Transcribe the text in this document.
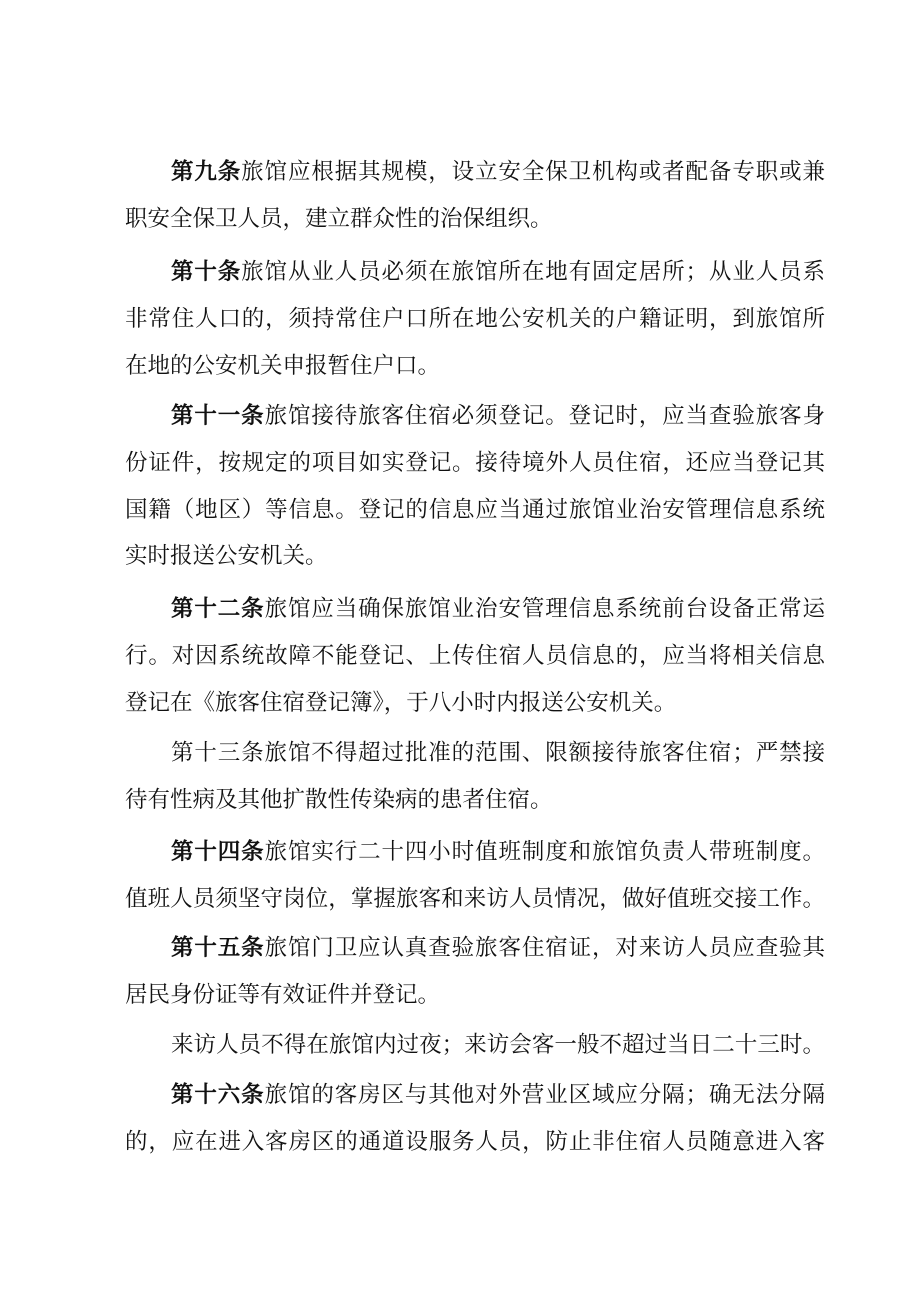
第九条旅馆应根据其规模，设立安全保卫机构或者配备专职或兼
职安全保卫人员，建立群众性的治保组织。
第十条旅馆从业人员必须在旅馆所在地有固定居所；从业人员系
非常住人口的，须持常住户口所在地公安机关的户籍证明，到旅馆所
在地的公安机关申报暂住户口。
第十一条旅馆接待旅客住宿必须登记。登记时，应当查验旅客身
份证件，按规定的项目如实登记。接待境外人员住宿，还应当登记其
国籍（地区）等信息。登记的信息应当通过旅馆业治安管理信息系统
实时报送公安机关。
第十二条旅馆应当确保旅馆业治安管理信息系统前台设备正常运
行。对因系统故障不能登记、上传住宿人员信息的，应当将相关信息
登记在《旅客住宿登记簿》，于八小时内报送公安机关。
第十三条旅馆不得超过批准的范围、限额接待旅客住宿；严禁接
待有性病及其他扩散性传染病的患者住宿。
第十四条旅馆实行二十四小时值班制度和旅馆负责人带班制度。
值班人员须坚守岗位，掌握旅客和来访人员情况，做好值班交接工作。
第十五条旅馆门卫应认真查验旅客住宿证，对来访人员应查验其
居民身份证等有效证件并登记。
来访人员不得在旅馆内过夜；来访会客一般不超过当日二十三时。
第十六条旅馆的客房区与其他对外营业区域应分隔；确无法分隔
的，应在进入客房区的通道设服务人员，防止非住宿人员随意进入客
